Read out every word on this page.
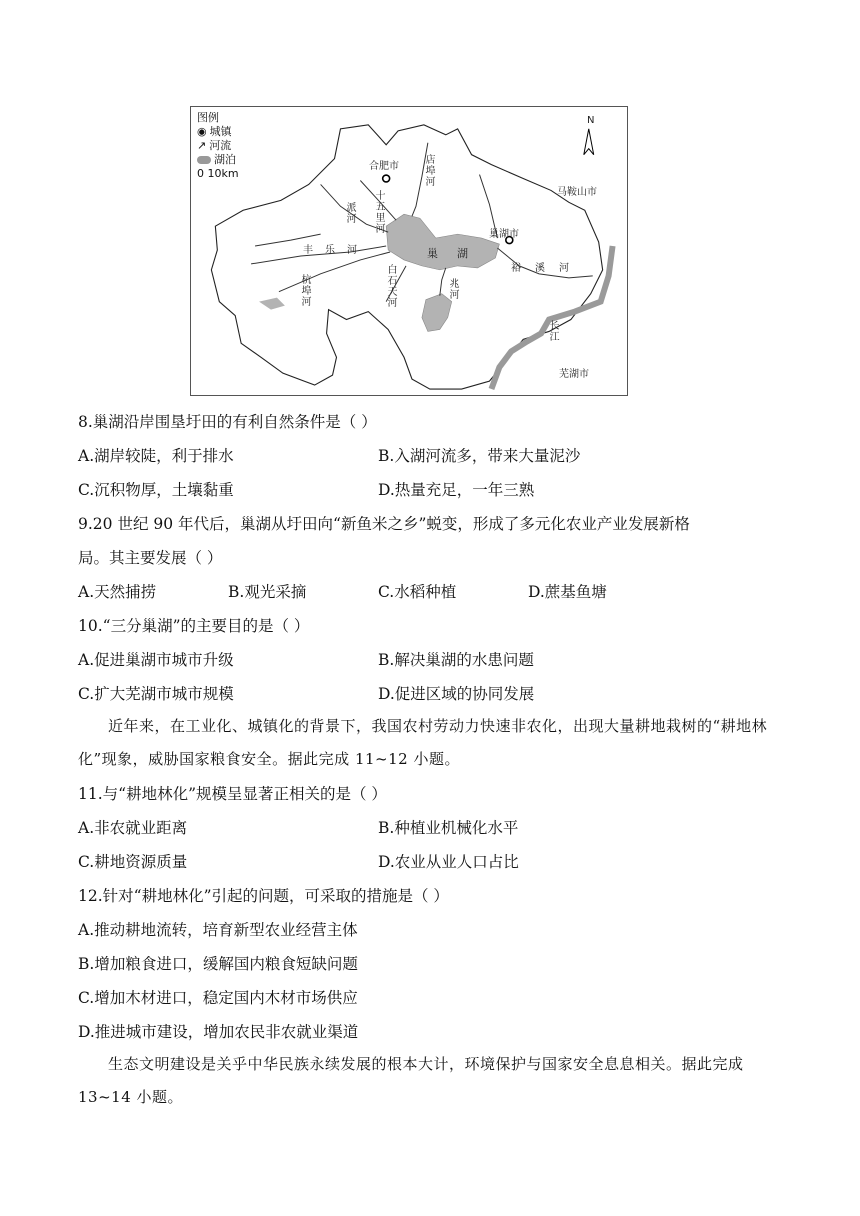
图例
◉ 城镇
↗ 河流
湖泊
0 10km
N
合肥市
巢湖市
马鞍山市
芜湖市
巢 湖
店埠河
十五里河
派河
丰乐河
杭埠河
白石天河
兆河
裕溪河
长江
8.巢湖沿岸围垦圩田的有利自然条件是（ ）
A.湖岸较陡，利于排水	B.入湖河流多，带来大量泥沙
C.沉积物厚，土壤黏重	D.热量充足，一年三熟
9.20 世纪 90 年代后，巢湖从圩田向“新鱼米之乡”蜕变，形成了多元化农业产业发展新格
局。其主要发展（ ）
A.天然捕捞	B.观光采摘	C.水稻种植	D.蔗基鱼塘
10.“三分巢湖”的主要目的是（ ）
A.促进巢湖市城市升级	B.解决巢湖的水患问题
C.扩大芜湖市城市规模	D.促进区域的协同发展
近年来，在工业化、城镇化的背景下，我国农村劳动力快速非农化，出现大量耕地栽树的“耕地林化”现象，威胁国家粮食安全。据此完成 11~12 小题。
11.与“耕地林化”规模呈显著正相关的是（ ）
A.非农就业距离	B.种植业机械化水平
C.耕地资源质量	D.农业从业人口占比
12.针对“耕地林化”引起的问题，可采取的措施是（ ）
A.推动耕地流转，培育新型农业经营主体
B.增加粮食进口，缓解国内粮食短缺问题
C.增加木材进口，稳定国内木材市场供应
D.推进城市建设，增加农民非农就业渠道
生态文明建设是关乎中华民族永续发展的根本大计，环境保护与国家安全息息相关。据此完成 13~14 小题。
